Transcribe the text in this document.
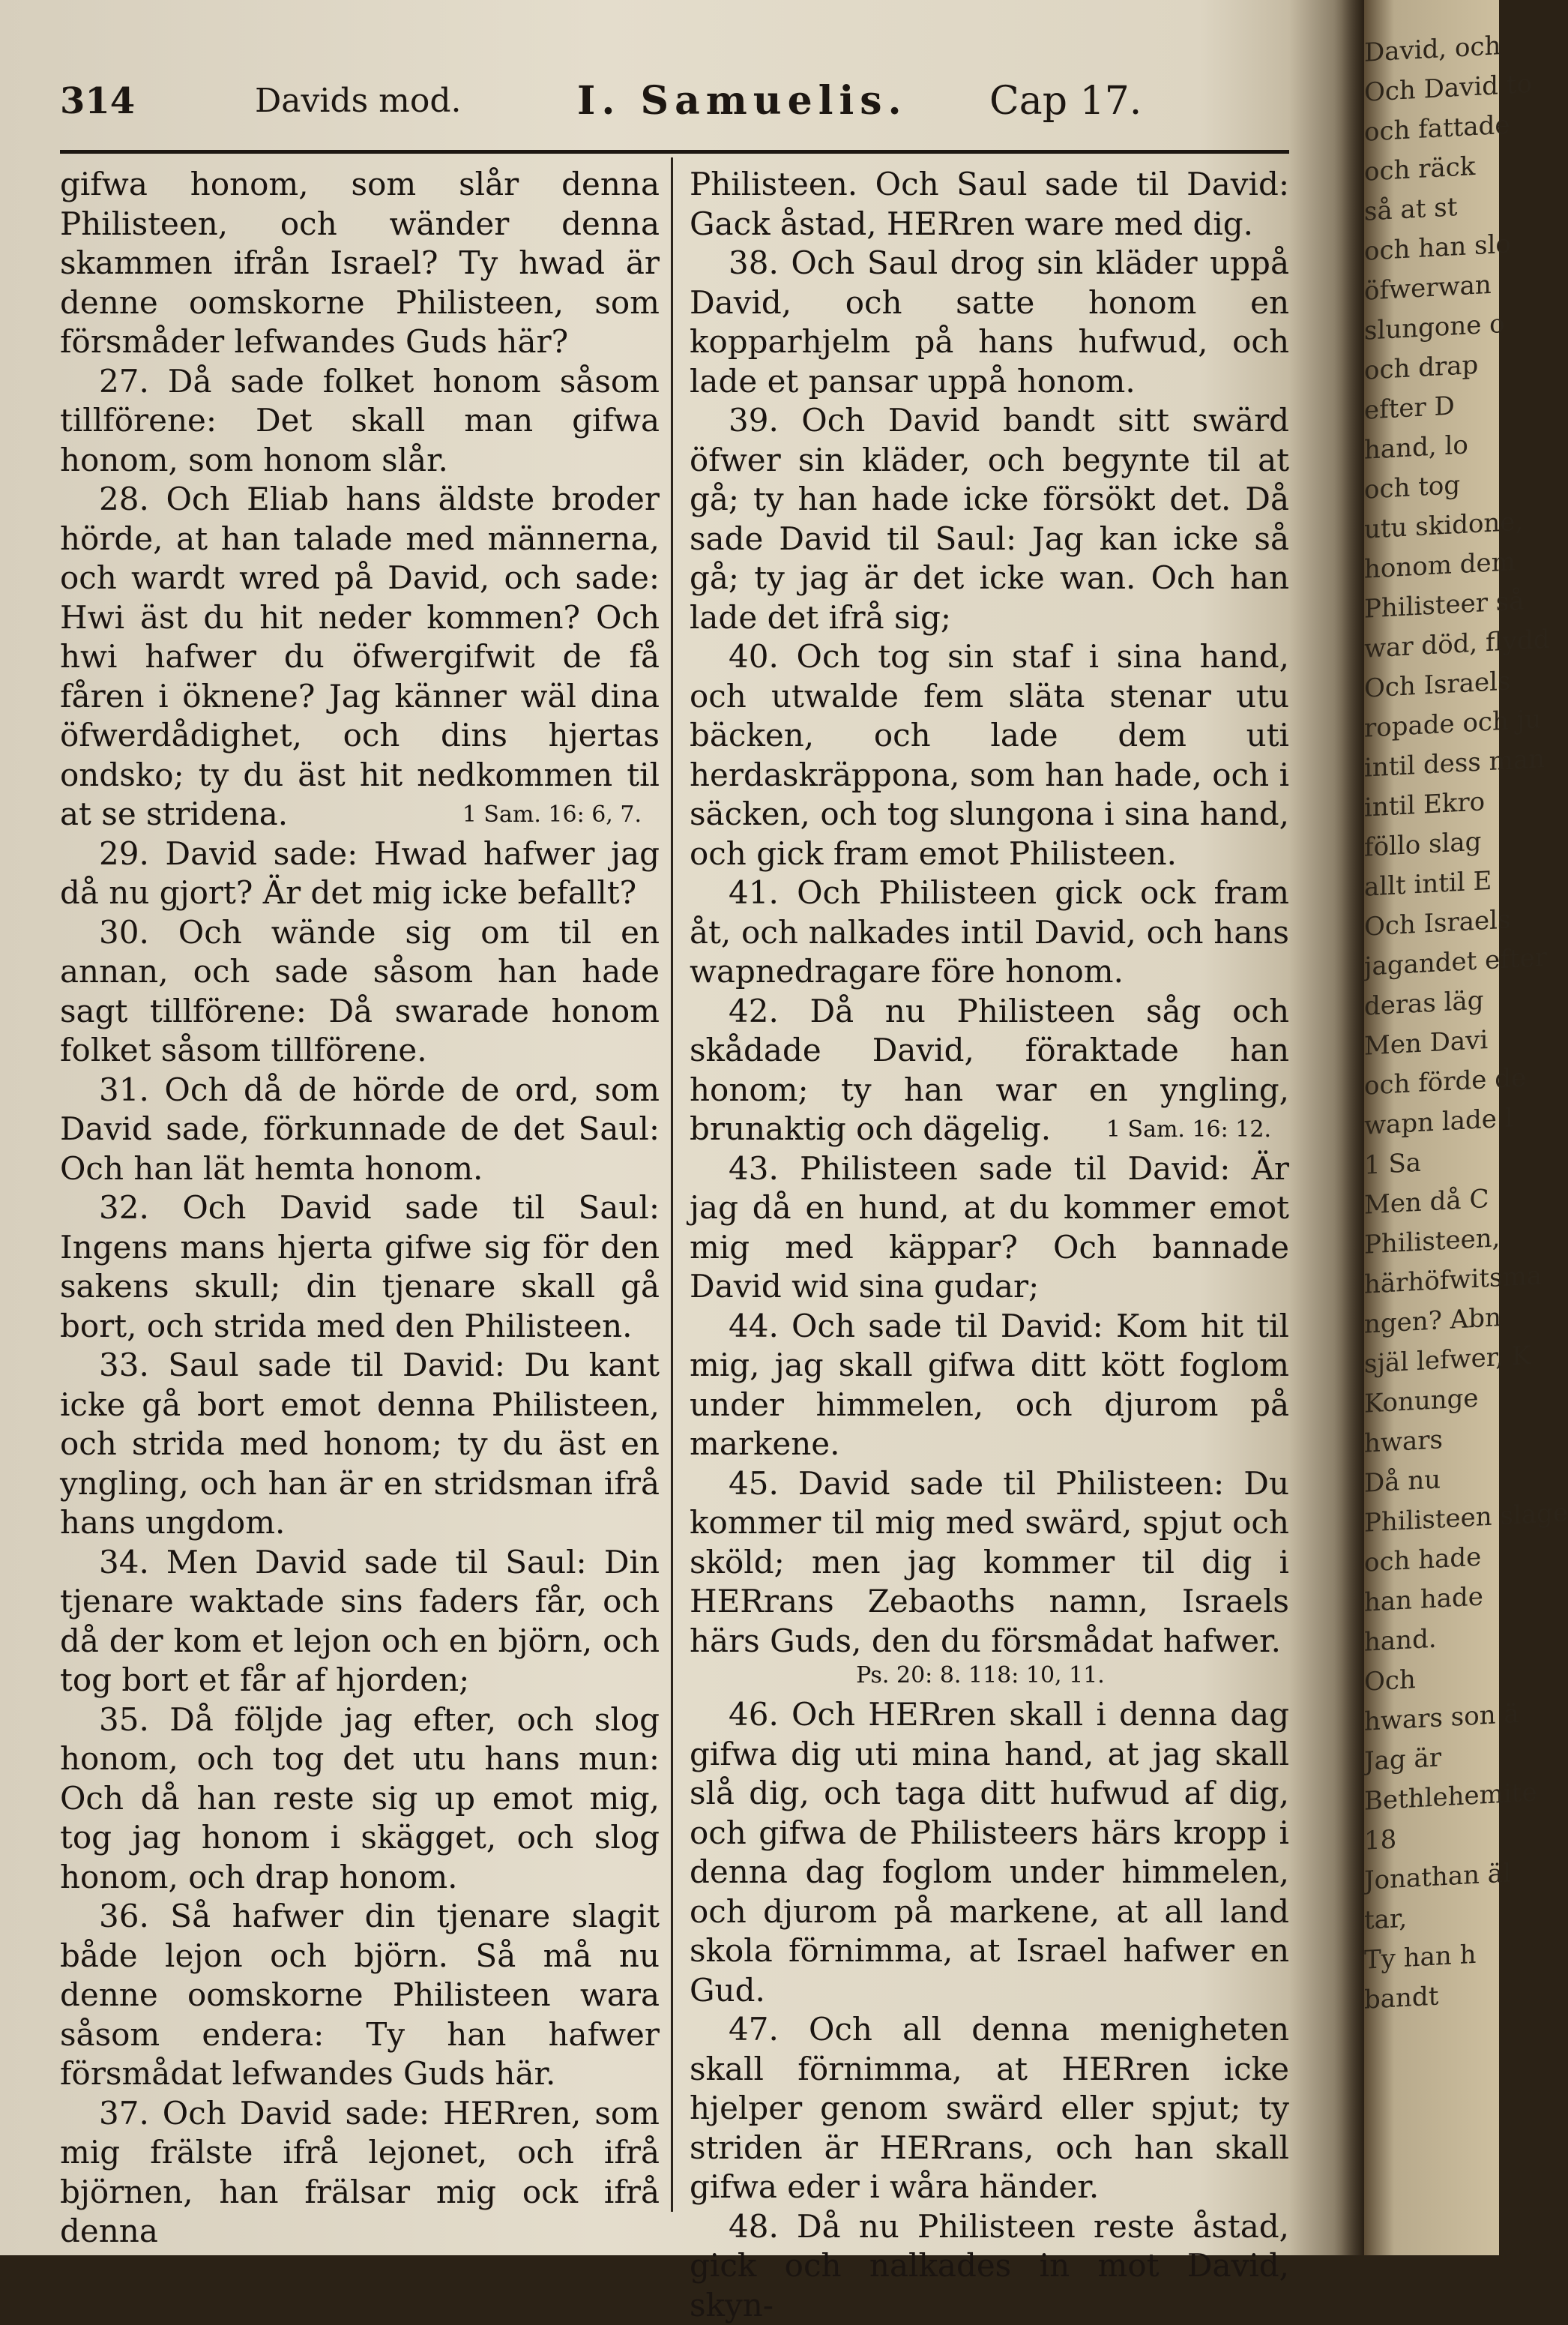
314	Davids mod.	I. Samuelis. Cap 17.

gifwa honom, som slår denna Philisteen, och wänder denna skammen ifrån Israel? Ty hwad är denne oomskorne Philisteen, som försmåder lefwandes Guds här?

27. Då sade folket honom såsom tillförene: Det skall man gifwa honom, som honom slår.

28. Och Eliab hans äldste broder hörde, at han talade med männerna, och wardt wred på David, och sade: Hwi äst du hit neder kommen? Och hwi hafwer du öfwergifwit de få fåren i öknene? Jag känner wäl dina öfwerdådighet, och dins hjertas ondsko; ty du äst hit nedkommen til at se stridena.	1 Sam. 16: 6, 7.

29. David sade: Hwad hafwer jag då nu gjort? Är det mig icke befallt?

30. Och wände sig om til en annan, och sade såsom han hade sagt tillförene: Då swarade honom folket såsom tillförene.

31. Och då de hörde de ord, som David sade, förkunnade de det Saul: Och han lät hemta honom.

32. Och David sade til Saul: Ingens mans hjerta gifwe sig för den sakens skull; din tjenare skall gå bort, och strida med den Philisteen.

33. Saul sade til David: Du kant icke gå bort emot denna Philisteen, och strida med honom; ty du äst en yngling, och han är en stridsman ifrå hans ungdom.

34. Men David sade til Saul: Din tjenare waktade sins faders får, och då der kom et lejon och en björn, och tog bort et får af hjorden;

35. Då följde jag efter, och slog honom, och tog det utu hans mun: Och då han reste sig up emot mig, tog jag honom i skägget, och slog honom, och drap honom.

36. Så hafwer din tjenare slagit både lejon och björn. Så må nu denne oomskorne Philisteen wara såsom endera: Ty han hafwer försmådat lefwandes Guds här.

37. Och David sade: HERren, som mig frälste ifrå lejonet, och ifrå björnen, han frälsar mig ock ifrå denna

Philisteen. Och Saul sade til David: Gack åstad, HERren ware med dig.

38. Och Saul drog sin kläder uppå David, och satte honom en kopparhjelm på hans hufwud, och lade et pansar uppå honom.

39. Och David bandt sitt swärd öfwer sin kläder, och begynte til at gå; ty han hade icke försökt det. Då sade David til Saul: Jag kan icke så gå; ty jag är det icke wan. Och han lade det ifrå sig;

40. Och tog sin staf i sina hand, och utwalde fem släta stenar utu bäcken, och lade dem uti herdaskräppona, som han hade, och i säcken, och tog slungona i sina hand, och gick fram emot Philisteen.

41. Och Philisteen gick ock fram åt, och nalkades intil David, och hans wapnedragare före honom.

42. Då nu Philisteen såg och skådade David, föraktade han honom; ty han war en yngling, brunaktig och dägelig.	1 Sam. 16: 12.

43. Philisteen sade til David: Är jag då en hund, at du kommer emot mig med käppar? Och bannade David wid sina gudar;

44. Och sade til David: Kom hit til mig, jag skall gifwa ditt kött foglom under himmelen, och djurom på markene.

45. David sade til Philisteen: Du kommer til mig med swärd, spjut och sköld; men jag kommer til dig i HERrans Zebaoths namn, Israels härs Guds, den du försmådat hafwer.

Ps. 20: 8. 118: 10, 11.

46. Och HERren skall i denna dag gifwa dig uti mina hand, at jag skall slå dig, och taga ditt hufwud af dig, och gifwa de Philisteers härs kropp i denna dag foglom under himmelen, och djurom på markene, at all land skola förnimma, at Israel hafwer en Gud.

47. Och all denna menigheten skall förnimma, at HERren icke hjelper genom swärd eller spjut; ty striden är HERrans, och han skall gifwa eder i wåra händer.

48. Då nu Philisteen reste åstad, gick och nalkades in mot David, skyn-

David, och
Och David to
och fattade
och räck
så at st
och han slo
öfwerwan
slungone o
och drap
efter D
hand, lo
och tog
utu skidone,
honom dem
Philisteer så
war död, flydd
Och Israels
ropade och ju
intil dess man
intil Ekro
föllo slag
allt intil E
Och Israels
jagandet efter
deras läg
Men Davi
och förde de
wapn lade l
1 Sa
Men då C
Philisteen,
härhöfwitsma
ngen? Abn
själ lefwer, K
Konunge
hwars
Då nu
Philisteen slage
och hade
han hade
hand.
Och
hwars son ä
Jag är
Bethlehemite
18
Jonathan äl
tar,
Ty han h
bandt
